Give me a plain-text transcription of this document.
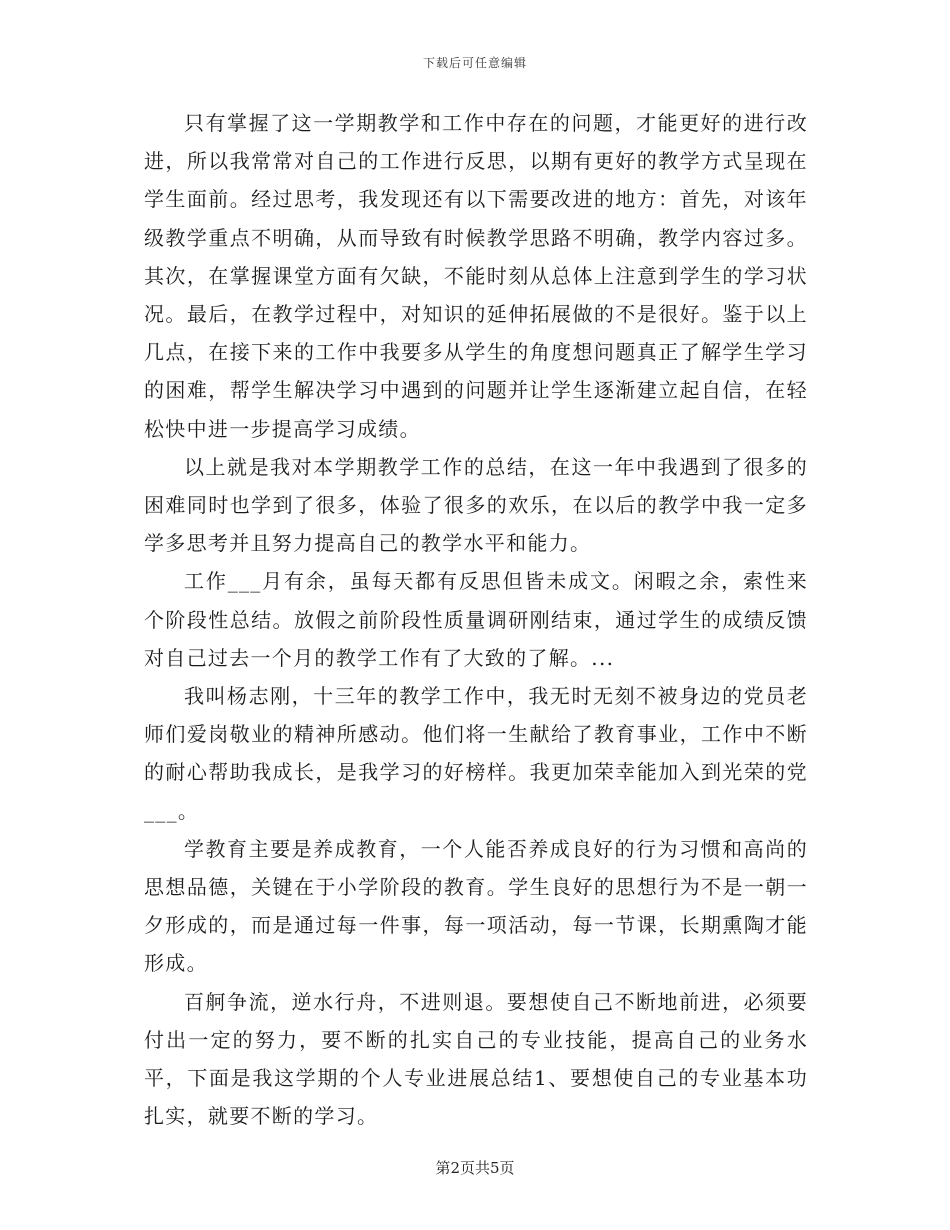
下载后可任意编辑

只有掌握了这一学期教学和工作中存在的问题，才能更好的进行改进，所以我常常对自己的工作进行反思，以期有更好的教学方式呈现在学生面前。经过思考，我发现还有以下需要改进的地方：首先，对该年级教学重点不明确，从而导致有时候教学思路不明确，教学内容过多。其次，在掌握课堂方面有欠缺，不能时刻从总体上注意到学生的学习状况。最后，在教学过程中，对知识的延伸拓展做的不是很好。鉴于以上几点，在接下来的工作中我要多从学生的角度想问题真正了解学生学习的困难，帮学生解决学习中遇到的问题并让学生逐渐建立起自信，在轻松快中进一步提高学习成绩。

以上就是我对本学期教学工作的总结，在这一年中我遇到了很多的困难同时也学到了很多，体验了很多的欢乐，在以后的教学中我一定多学多思考并且努力提高自己的教学水平和能力。

工作___月有余，虽每天都有反思但皆未成文。闲暇之余，索性来个阶段性总结。放假之前阶段性质量调研刚结束，通过学生的成绩反馈对自己过去一个月的教学工作有了大致的了解。...

我叫杨志刚，十三年的教学工作中，我无时无刻不被身边的党员老师们爱岗敬业的精神所感动。他们将一生献给了教育事业，工作中不断的耐心帮助我成长，是我学习的好榜样。我更加荣幸能加入到光荣的党___。

学教育主要是养成教育，一个人能否养成良好的行为习惯和高尚的思想品德，关键在于小学阶段的教育。学生良好的思想行为不是一朝一夕形成的，而是通过每一件事，每一项活动，每一节课，长期熏陶才能形成。

百舸争流，逆水行舟，不进则退。要想使自己不断地前进，必须要付出一定的努力，要不断的扎实自己的专业技能，提高自己的业务水平，下面是我这学期的个人专业进展总结1、要想使自己的专业基本功扎实，就要不断的学习。

第2页共5页
